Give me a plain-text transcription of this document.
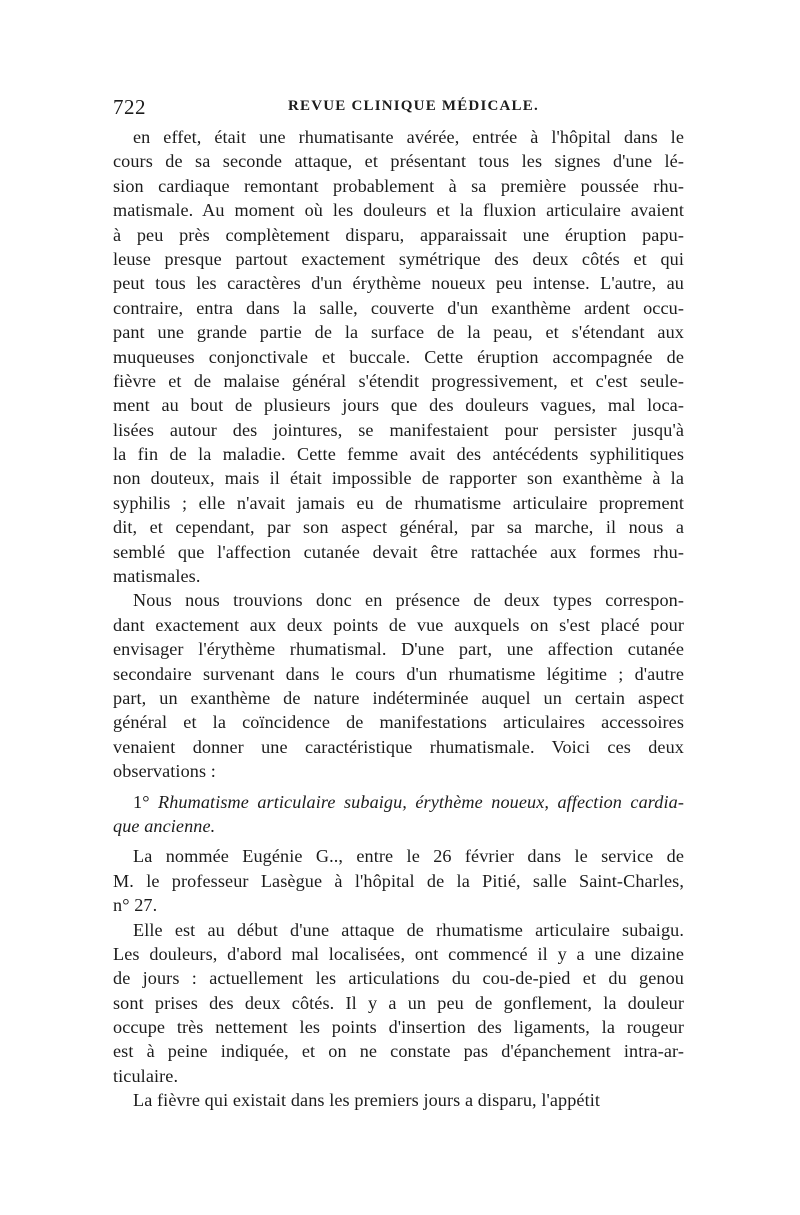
722	REVUE CLINIQUE MÉDICALE.
en effet, était une rhumatisante avérée, entrée à l'hôpital dans le
cours de sa seconde attaque, et présentant tous les signes d'une lé-
sion cardiaque remontant probablement à sa première poussée rhu-
matismale. Au moment où les douleurs et la fluxion articulaire avaient
à peu près complètement disparu, apparaissait une éruption papu-
leuse presque partout exactement symétrique des deux côtés et qui
peut tous les caractères d'un érythème noueux peu intense. L'autre, au
contraire, entra dans la salle, couverte d'un exanthème ardent occu-
pant une grande partie de la surface de la peau, et s'étendant aux
muqueuses conjonctivale et buccale. Cette éruption accompagnée de
fièvre et de malaise général s'étendit progressivement, et c'est seule-
ment au bout de plusieurs jours que des douleurs vagues, mal loca-
lisées autour des jointures, se manifestaient pour persister jusqu'à
la fin de la maladie. Cette femme avait des antécédents syphilitiques
non douteux, mais il était impossible de rapporter son exanthème à la
syphilis ; elle n'avait jamais eu de rhumatisme articulaire proprement
dit, et cependant, par son aspect général, par sa marche, il nous a
semblé que l'affection cutanée devait être rattachée aux formes rhu-
matismales.
Nous nous trouvions donc en présence de deux types correspon-
dant exactement aux deux points de vue auxquels on s'est placé pour
envisager l'érythème rhumatismal. D'une part, une affection cutanée
secondaire survenant dans le cours d'un rhumatisme légitime ; d'autre
part, un exanthème de nature indéterminée auquel un certain aspect
général et la coïncidence de manifestations articulaires accessoires
venaient donner une caractéristique rhumatismale. Voici ces deux
observations :
1° Rhumatisme articulaire subaigu, érythème noueux, affection cardia-
que ancienne.
La nommée Eugénie G.., entre le 26 février dans le service de
M. le professeur Lasègue à l'hôpital de la Pitié, salle Saint-Charles,
n° 27.
Elle est au début d'une attaque de rhumatisme articulaire subaigu.
Les douleurs, d'abord mal localisées, ont commencé il y a une dizaine
de jours : actuellement les articulations du cou-de-pied et du genou
sont prises des deux côtés. Il y a un peu de gonflement, la douleur
occupe très nettement les points d'insertion des ligaments, la rougeur
est à peine indiquée, et on ne constate pas d'épanchement intra-ar-
ticulaire.
La fièvre qui existait dans les premiers jours a disparu, l'appétit
